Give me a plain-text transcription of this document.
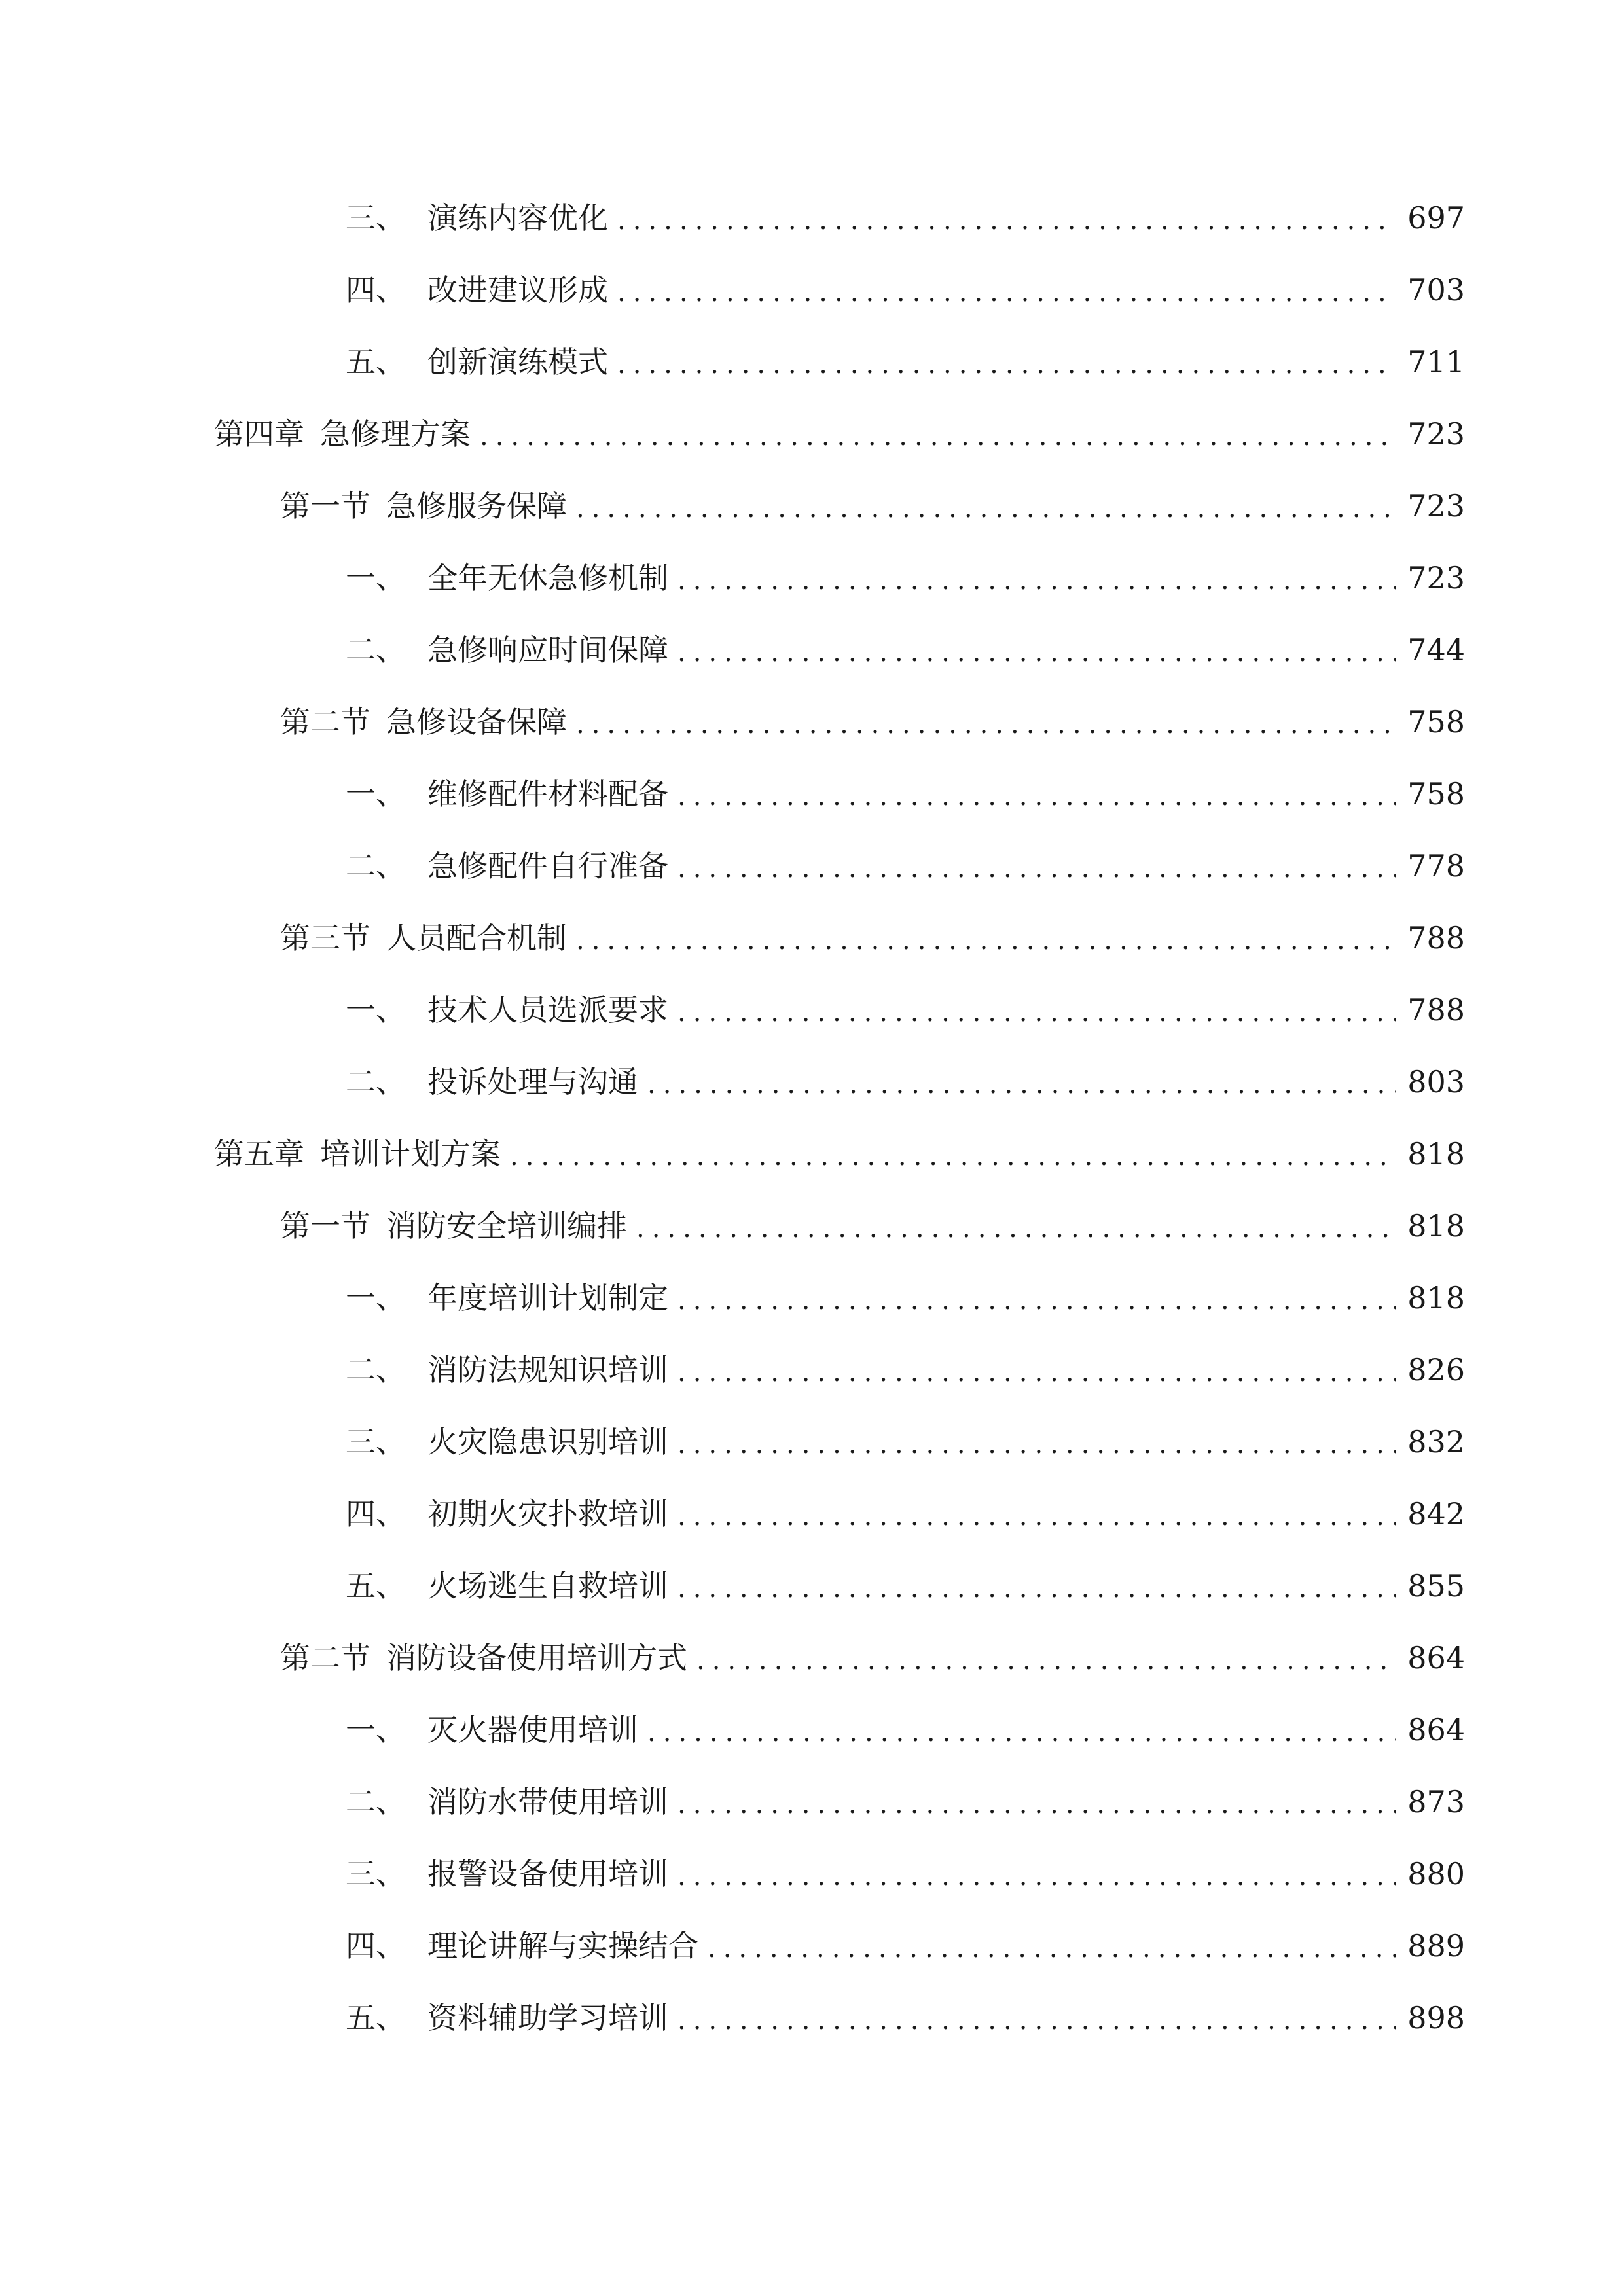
三、 演练内容优化 .....	697
四、 改进建议形成 .....	703
五、 创新演练模式 .....	711
第四章 急修理方案 .....	723
第一节 急修服务保障 .....	723
一、 全年无休急修机制 .....	723
二、 急修响应时间保障 .....	744
第二节 急修设备保障 .....	758
一、 维修配件材料配备 .....	758
二、 急修配件自行准备 .....	778
第三节 人员配合机制 .....	788
一、 技术人员选派要求 .....	788
二、 投诉处理与沟通 .....	803
第五章 培训计划方案 .....	818
第一节 消防安全培训编排 .....	818
一、 年度培训计划制定 .....	818
二、 消防法规知识培训 .....	826
三、 火灾隐患识别培训 .....	832
四、 初期火灾扑救培训 .....	842
五、 火场逃生自救培训 .....	855
第二节 消防设备使用培训方式 .....	864
一、 灭火器使用培训 .....	864
二、 消防水带使用培训 .....	873
三、 报警设备使用培训 .....	880
四、 理论讲解与实操结合 .....	889
五、 资料辅助学习培训 .....	898
